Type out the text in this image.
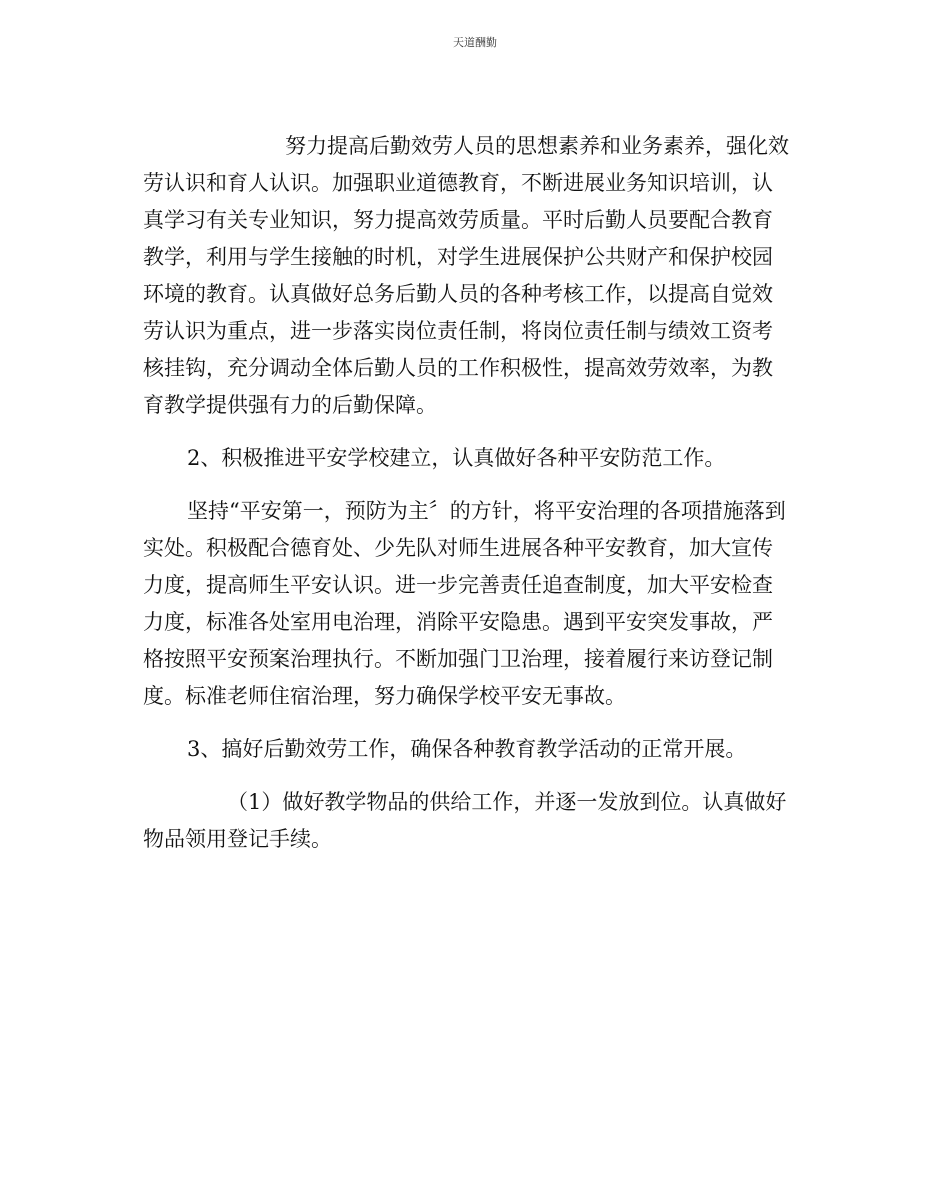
天道酬勤

努力提高后勤效劳人员的思想素养和业务素养，强化效
劳认识和育人认识。加强职业道德教育，不断进展业务知识培训，认
真学习有关专业知识，努力提高效劳质量。平时后勤人员要配合教育
教学，利用与学生接触的时机，对学生进展保护公共财产和保护校园
环境的教育。认真做好总务后勤人员的各种考核工作，以提高自觉效
劳认识为重点，进一步落实岗位责任制，将岗位责任制与绩效工资考
核挂钩，充分调动全体后勤人员的工作积极性，提高效劳效率，为教
育教学提供强有力的后勤保障。

2、积极推进平安学校建立，认真做好各种平安防范工作。

坚持“平安第一，预防为主〞的方针，将平安治理的各项措施落到
实处。积极配合德育处、少先队对师生进展各种平安教育，加大宣传
力度，提高师生平安认识。进一步完善责任追查制度，加大平安检查
力度，标准各处室用电治理，消除平安隐患。遇到平安突发事故，严
格按照平安预案治理执行。不断加强门卫治理，接着履行来访登记制
度。标准老师住宿治理，努力确保学校平安无事故。

3、搞好后勤效劳工作，确保各种教育教学活动的正常开展。

（1）做好教学物品的供给工作，并逐一发放到位。认真做好
物品领用登记手续。
